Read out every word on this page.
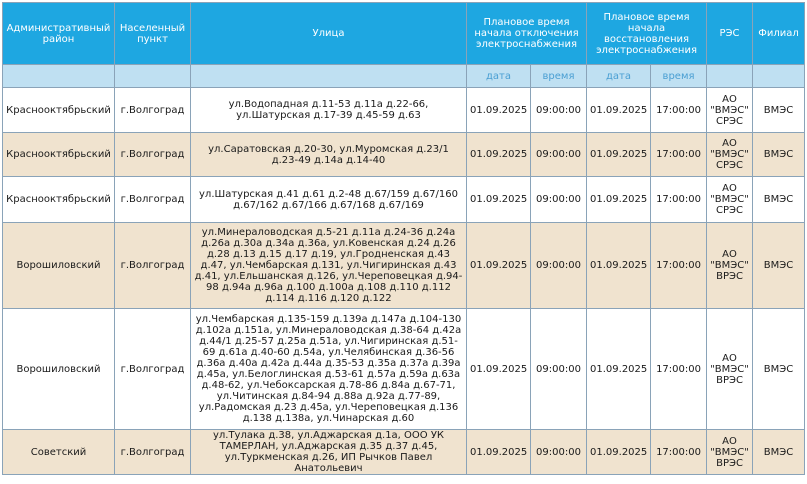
Административный район	Населенный пункт	Улица	Плановое время начала отключения электроснабжения		Плановое время начала восстановления электроснабжения		РЭС	Филиал
			дата	время	дата	время		
Краснооктябрьский	г.Волгоград	ул.Водопадная д.11-53 д.11а д.22-66, ул.Шатурская д.17-39 д.45-59 д.63	01.09.2025	09:00:00	01.09.2025	17:00:00	АО "ВМЭС" СРЭС	ВМЭС
Краснооктябрьский	г.Волгоград	ул.Саратовская д.20-30, ул.Муромская д.23/1 д.23-49 д.14а д.14-40	01.09.2025	09:00:00	01.09.2025	17:00:00	АО "ВМЭС" СРЭС	ВМЭС
Краснооктябрьский	г.Волгоград	ул.Шатурская д.41 д.61 д.2-48 д.67/159 д.67/160 д.67/162 д.67/166 д.67/168 д.67/169	01.09.2025	09:00:00	01.09.2025	17:00:00	АО "ВМЭС" СРЭС	ВМЭС
Ворошиловский	г.Волгоград	ул.Минераловодская д.5-21 д.11а д.24-36 д.24а д.26а д.30а д.34а д.36а, ул.Ковенская д.24 д.26 д.28 д.13 д.15 д.17 д.19, ул.Гродненская д.43 д.47, ул.Чембарская д.131, ул.Чигиринская д.43 д.41, ул.Ельшанская д.126, ул.Череповецкая д.94-98 д.94а д.96а д.100 д.100а д.108 д.110 д.112 д.114 д.116 д.120 д.122	01.09.2025	09:00:00	01.09.2025	17:00:00	АО "ВМЭС" ВРЭС	ВМЭС
Ворошиловский	г.Волгоград	ул.Чембарская д.135-159 д.139а д.147а д.104-130 д.102а д.151а, ул.Минераловодская д.38-64 д.42а д.44/1 д.25-57 д.25а д.51а, ул.Чигиринская д.51-69 д.61а д.40-60 д.54а, ул.Челябинская д.36-56 д.36а д.40а д.42а д.44а д.35-53 д.35а д.37а д.39а д.45а, ул.Белоглинская д.53-61 д.57а д.59а д.63а д.48-62, ул.Чебоксарская д.78-86 д.84а д.67-71, ул.Читинская д.84-94 д.88а д.92а д.77-89, ул.Радомская д.23 д.45а, ул.Череповецкая д.136 д.138 д.138а, ул.Чинарская д.60	01.09.2025	09:00:00	01.09.2025	17:00:00	АО "ВМЭС" ВРЭС	ВМЭС
Советский	г.Волгоград	ул.Тулака д.38, ул.Аджарская д.1а, ООО УК ТАМЕРЛАН, ул.Аджарская д.35 д.37 д.45, ул.Туркменская д.26, ИП Рычков Павел Анатольевич	01.09.2025	09:00:00	01.09.2025	17:00:00	АО "ВМЭС" ВРЭС	ВМЭС
